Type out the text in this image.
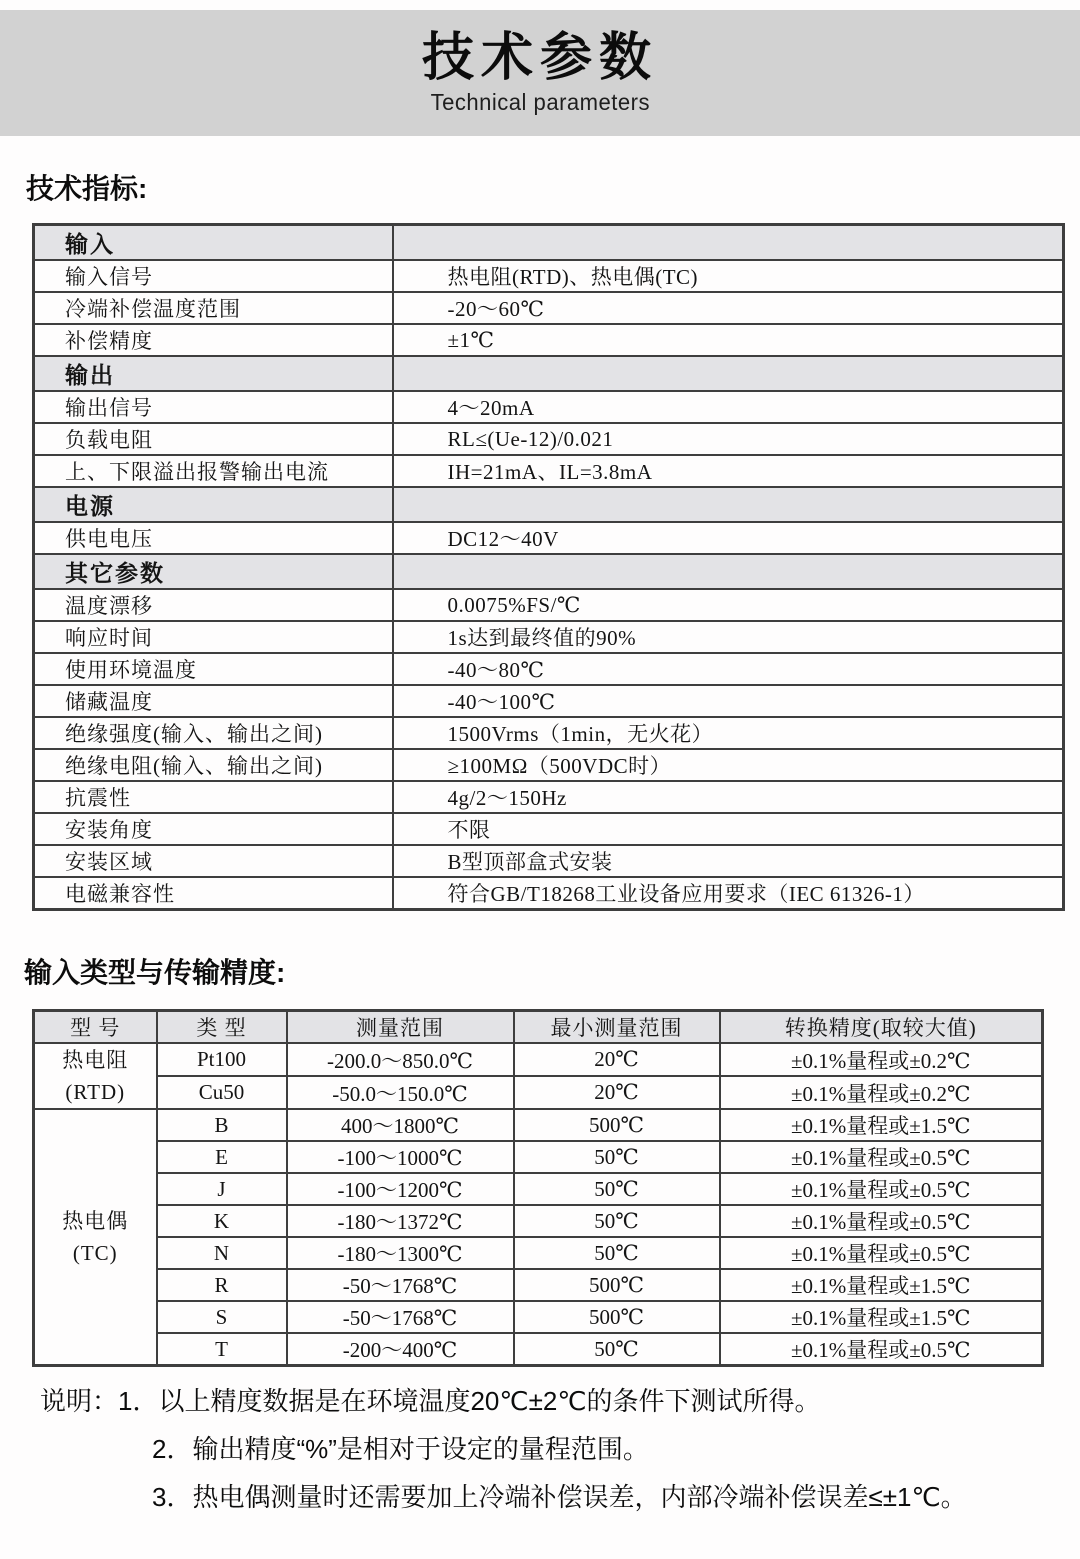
技术参数
Technical parameters
技术指标:
输入	
输入信号	热电阻(RTD)、热电偶(TC)
冷端补偿温度范围	-20～60℃
补偿精度	±1℃
输出	
输出信号	4～20mA
负载电阻	RL≤(Ue-12)/0.021
上、下限溢出报警输出电流	IH=21mA、IL=3.8mA
电源	
供电电压	DC12～40V
其它参数	
温度漂移	0.0075%FS/℃
响应时间	1s达到最终值的90%
使用环境温度	-40～80℃
储藏温度	-40～100℃
绝缘强度(输入、输出之间)	1500Vrms（1min，无火花）
绝缘电阻(输入、输出之间)	≥100MΩ（500VDC时）
抗震性	4g/2～150Hz
安装角度	不限
安装区域	B型顶部盒式安装
电磁兼容性	符合GB/T18268工业设备应用要求（IEC 61326-1）
输入类型与传输精度:
型 号	类 型	测量范围	最小测量范围	转换精度(取较大值)

热电阻
(RTD)	Pt100	-200.0～850.0℃	20℃	±0.1%量程或±0.2℃
	Cu50	-50.0～150.0℃	20℃	±0.1%量程或±0.2℃

热电偶
(TC)	B	400～1800℃	500℃	±0.1%量程或±1.5℃
	E	-100～1000℃	50℃	±0.1%量程或±0.5℃
	J	-100～1200℃	50℃	±0.1%量程或±0.5℃
	K	-180～1372℃	50℃	±0.1%量程或±0.5℃
	N	-180～1300℃	50℃	±0.1%量程或±0.5℃
	R	-50～1768℃	500℃	±0.1%量程或±1.5℃
	S	-50～1768℃	500℃	±0.1%量程或±1.5℃
	T	-200～400℃	50℃	±0.1%量程或±0.5℃
说明：1．以上精度数据是在环境温度20℃±2℃的条件下测试所得。
2．输出精度“%”是相对于设定的量程范围。
3．热电偶测量时还需要加上冷端补偿误差，内部冷端补偿误差≤±1℃。
